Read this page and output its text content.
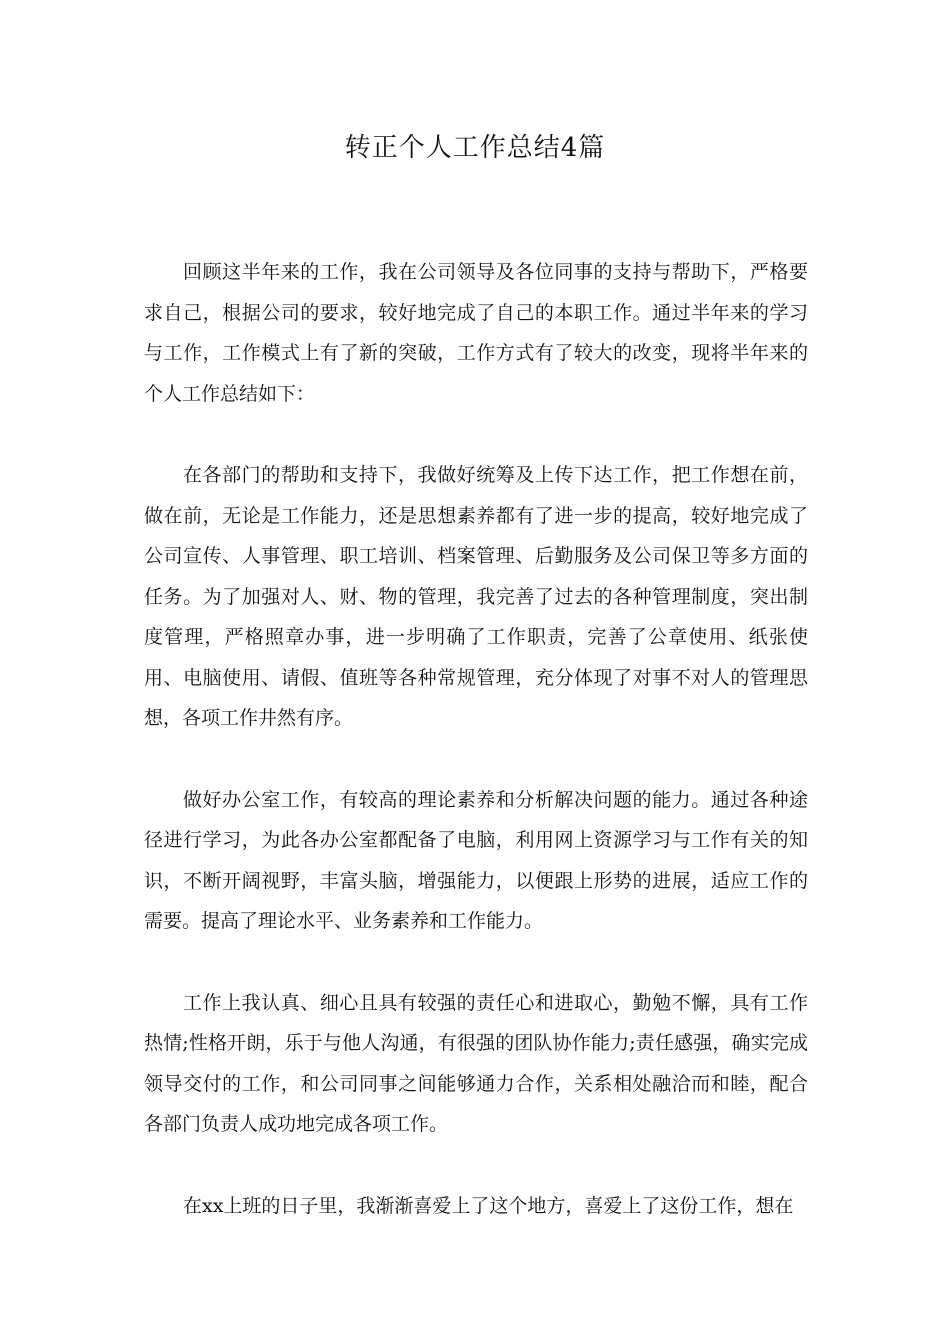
转正个人工作总结4篇

回顾这半年来的工作，我在公司领导及各位同事的支持与帮助下，严格要求自己，根据公司的要求，较好地完成了自己的本职工作。通过半年来的学习与工作，工作模式上有了新的突破，工作方式有了较大的改变，现将半年来的个人工作总结如下：

在各部门的帮助和支持下，我做好统筹及上传下达工作，把工作想在前，做在前，无论是工作能力，还是思想素养都有了进一步的提高，较好地完成了公司宣传、人事管理、职工培训、档案管理、后勤服务及公司保卫等多方面的任务。为了加强对人、财、物的管理，我完善了过去的各种管理制度，突出制度管理，严格照章办事，进一步明确了工作职责，完善了公章使用、纸张使用、电脑使用、请假、值班等各种常规管理，充分体现了对事不对人的管理思想，各项工作井然有序。

做好办公室工作，有较高的理论素养和分析解决问题的能力。通过各种途径进行学习，为此各办公室都配备了电脑，利用网上资源学习与工作有关的知识，不断开阔视野，丰富头脑，增强能力，以便跟上形势的进展，适应工作的需要。提高了理论水平、业务素养和工作能力。

工作上我认真、细心且具有较强的责任心和进取心，勤勉不懈，具有工作热情;性格开朗，乐于与他人沟通，有很强的团队协作能力;责任感强，确实完成领导交付的工作，和公司同事之间能够通力合作，关系相处融洽而和睦，配合各部门负责人成功地完成各项工作。

在xx上班的日子里，我渐渐喜爱上了这个地方，喜爱上了这份工作，想在
